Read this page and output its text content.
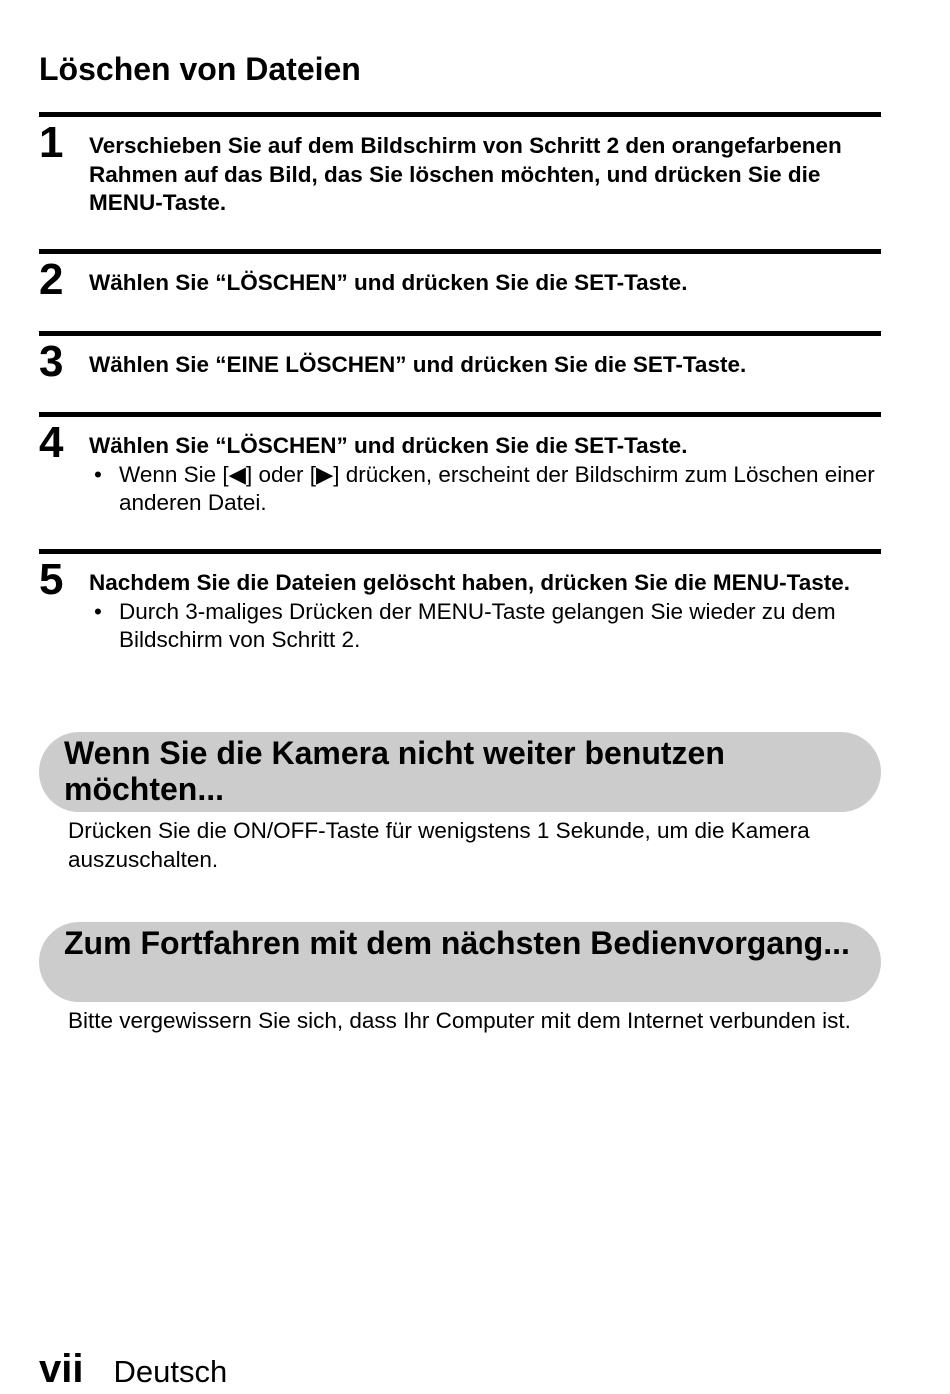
Löschen von Dateien
1 Verschieben Sie auf dem Bildschirm von Schritt 2 den orangefarbenen Rahmen auf das Bild, das Sie löschen möchten, und drücken Sie die MENU-Taste.

2 Wählen Sie “LÖSCHEN” und drücken Sie die SET-Taste.

3 Wählen Sie “EINE LÖSCHEN” und drücken Sie die SET-Taste.

4 Wählen Sie “LÖSCHEN” und drücken Sie die SET-Taste.

• Wenn Sie [◀] oder [▶] drücken, erscheint der Bildschirm zum Löschen einer anderen Datei.

5 Nachdem Sie die Dateien gelöscht haben, drücken Sie die MENU-Taste.

• Durch 3-maliges Drücken der MENU-Taste gelangen Sie wieder zu dem Bildschirm von Schritt 2.

Wenn Sie die Kamera nicht weiter benutzen möchten...

Drücken Sie die ON/OFF-Taste für wenigstens 1 Sekunde, um die Kamera auszuschalten.

Zum Fortfahren mit dem nächsten Bedienvorgang...

Bitte vergewissern Sie sich, dass Ihr Computer mit dem Internet verbunden ist.

vii Deutsch
